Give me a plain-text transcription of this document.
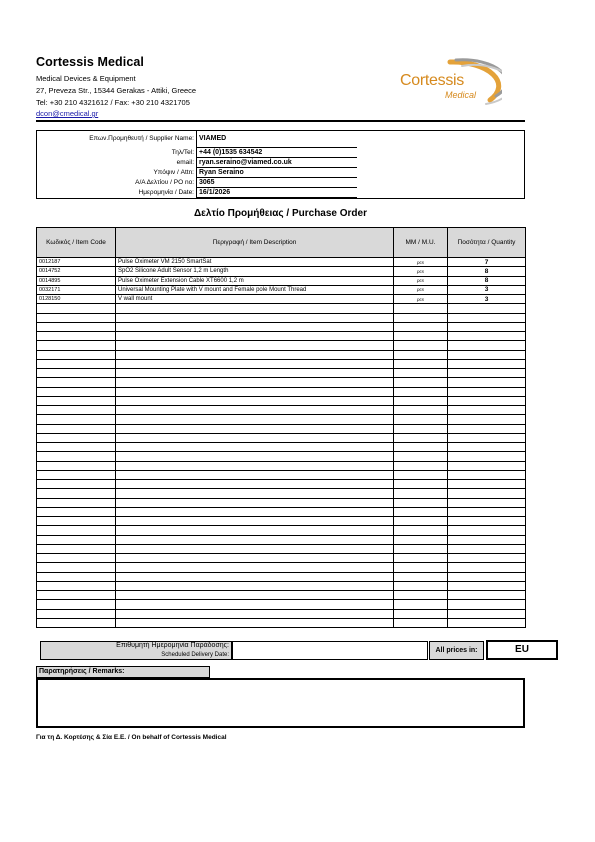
Cortessis Medical
Medical Devices & Equipment
27, Preveza Str., 15344 Gerakas - Attiki, Greece
Tel: +30 210 4321612 / Fax: +30 210 4321705
dcon@cmedical.gr
Cortessis
Medical
Επων.Προμηθευτή / Supplier Name: VIAMED
Τηλ/Tel: +44 (0)1535 634542
email: ryan.seraino@viamed.co.uk
Υπόψιν / Attn: Ryan Seraino
Α/Α Δελτίου / PO no: 3065
Ημερομηνία / Date: 16/1/2026
Δελτίο Προμήθειας / Purchase Order
Κωδικός / Item Code	Περιγραφή / Item Description	ΜΜ / M.U.	Ποσότητα / Quantity
0012187	Pulse Oximeter VM 2150 SmartSat	pcs	7
0014752	SpO2 Silicone Adult Sensor 1,2 m Length	pcs	8
0014895	Pulse Oximeter Extension Cable XT6600 1,2 m	pcs	8
0032171	Universal Mounting Plate with V mount and Female pole Mount Thread	pcs	3
0128150	V wall mount	pcs	3

Επιθυμητή Ημερομηνία Παράδοσης:
Scheduled Delivery Date:
All prices in:	EU
Παρατηρήσεις / Remarks:
Για τη Δ. Κορτέσης & Σία Ε.Ε. / On behalf of Cortessis Medical
